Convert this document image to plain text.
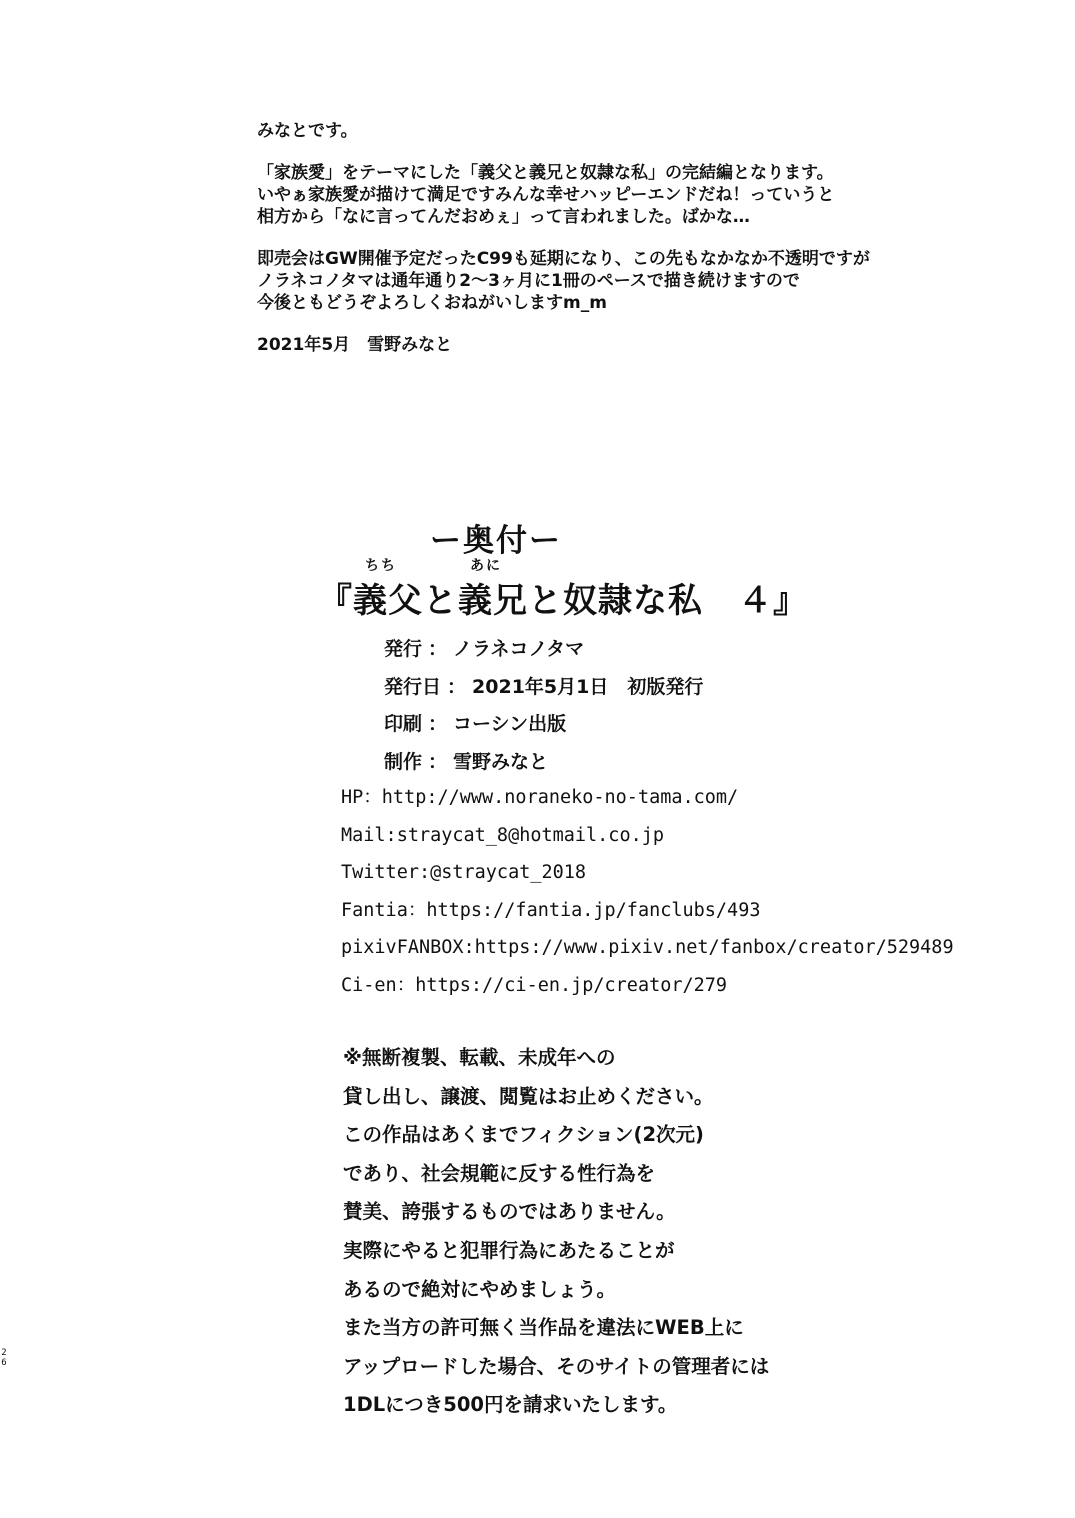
みなとです。

「家族愛」をテーマにした「義父と義兄と奴隷な私」の完結編となります。

いやぁ家族愛が描けて満足ですみんな幸せハッピーエンドだね！っていうと

相方から「なに言ってんだおめぇ」って言われました。ばかな…

即売会はGW開催予定だったC99も延期になり、この先もなかなか不透明ですが

ノラネコノタマは通年通り2～3ヶ月に1冊のペースで描き続けますので

今後ともどうぞよろしくおねがいしますm_m

2021年5月　雪野みなと

ー奥付ー
ちち	あに
『義父と義兄と奴隷な私　４』
発行 ： ノラネコノタマ
発行日 ： 2021年5月1日　初版発行
印刷 ： コーシン出版
制作 ： 雪野みなと
HP：http://www.noraneko-no-tama.com/
Mail:straycat_8@hotmail.co.jp
Twitter:@straycat_2018
Fantia：https://fantia.jp/fanclubs/493
pixivFANBOX:https://www.pixiv.net/fanbox/creator/529489
Ci-en：https://ci-en.jp/creator/279
※無断複製、転載、未成年への
貸し出し、譲渡、閲覧はお止めください。
この作品はあくまでフィクション(2次元)
であり、社会規範に反する性行為を
賛美、誇張するものではありません。
実際にやると犯罪行為にあたることが
あるので絶対にやめましょう。
また当方の許可無く当作品を違法にWEB上に
アップロードした場合、そのサイトの管理者には
1DLにつき500円を請求いたします。
2
6
